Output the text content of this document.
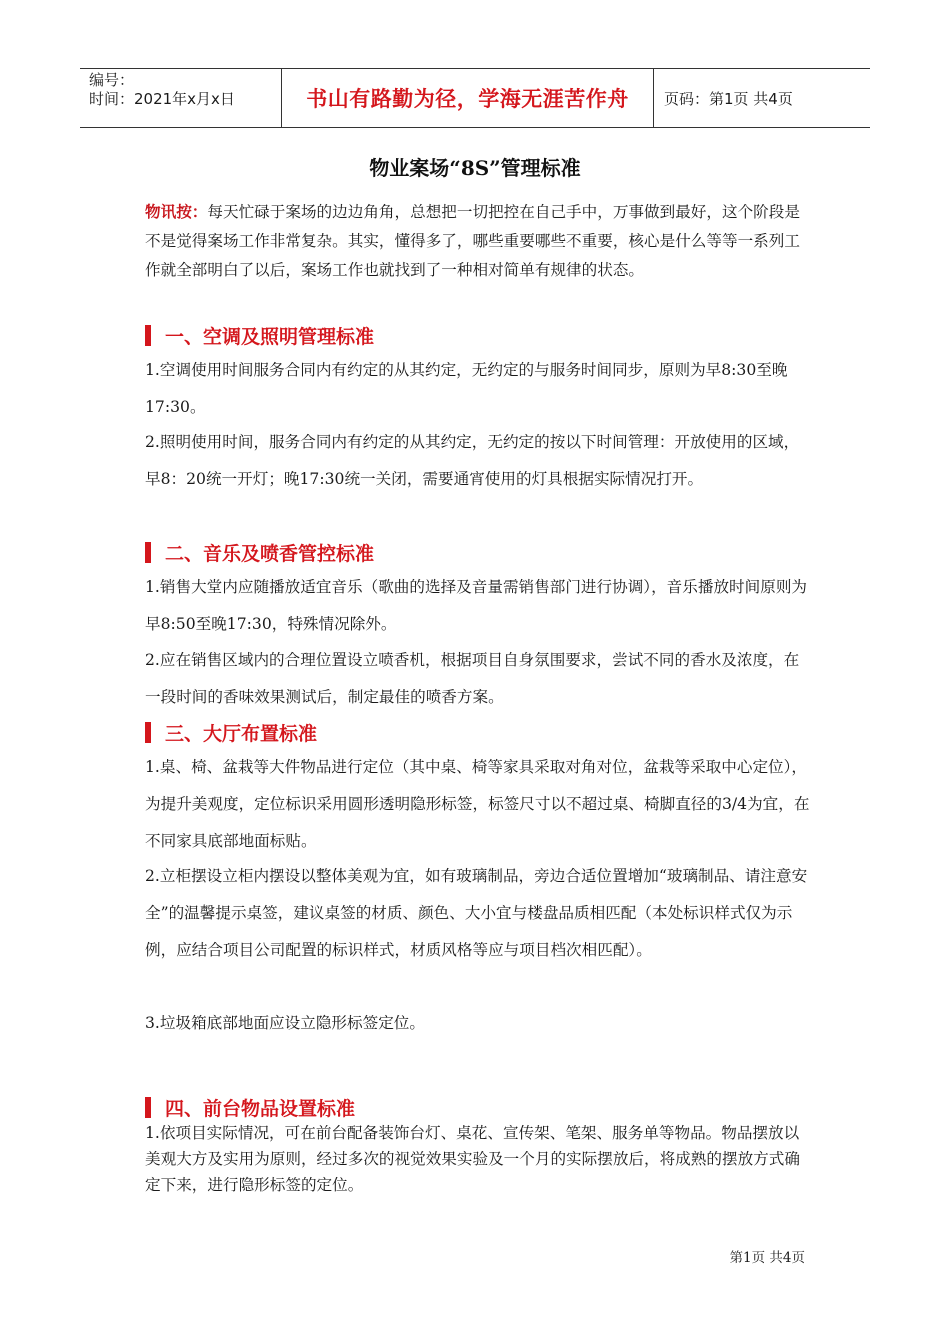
编号：
时间：2021年x月x日	书山有路勤为径，学海无涯苦作舟	页码：第1页 共4页
物业案场“8S”管理标准
物讯按：每天忙碌于案场的边边角角，总想把一切把控在自己手中，万事做到最好，这个阶段是不是觉得案场工作非常复杂。其实，懂得多了，哪些重要哪些不重要，核心是什么等等一系列工作就全部明白了以后，案场工作也就找到了一种相对简单有规律的状态。
一、空调及照明管理标准
1.空调使用时间服务合同内有约定的从其约定，无约定的与服务时间同步，原则为早8:30至晚17:30。
2.照明使用时间，服务合同内有约定的从其约定，无约定的按以下时间管理：开放使用的区域，早8：20统一开灯；晚17:30统一关闭，需要通宵使用的灯具根据实际情况打开。
二、音乐及喷香管控标准
1.销售大堂内应随播放适宜音乐（歌曲的选择及音量需销售部门进行协调），音乐播放时间原则为早8:50至晚17:30，特殊情况除外。
2.应在销售区域内的合理位置设立喷香机，根据项目自身氛围要求，尝试不同的香水及浓度，在一段时间的香味效果测试后，制定最佳的喷香方案。
三、大厅布置标准
1.桌、椅、盆栽等大件物品进行定位（其中桌、椅等家具采取对角对位，盆栽等采取中心定位），为提升美观度，定位标识采用圆形透明隐形标签，标签尺寸以不超过桌、椅脚直径的3/4为宜，在不同家具底部地面标贴。
2.立柜摆设立柜内摆设以整体美观为宜，如有玻璃制品，旁边合适位置增加“玻璃制品、请注意安全”的温馨提示桌签，建议桌签的材质、颜色、大小宜与楼盘品质相匹配（本处标识样式仅为示例，应结合项目公司配置的标识样式，材质风格等应与项目档次相匹配）。
3.垃圾箱底部地面应设立隐形标签定位。
四、前台物品设置标准
1.依项目实际情况，可在前台配备装饰台灯、桌花、宣传架、笔架、服务单等物品。物品摆放以美观大方及实用为原则，经过多次的视觉效果实验及一个月的实际摆放后，将成熟的摆放方式确定下来，进行隐形标签的定位。
第1页 共4页
